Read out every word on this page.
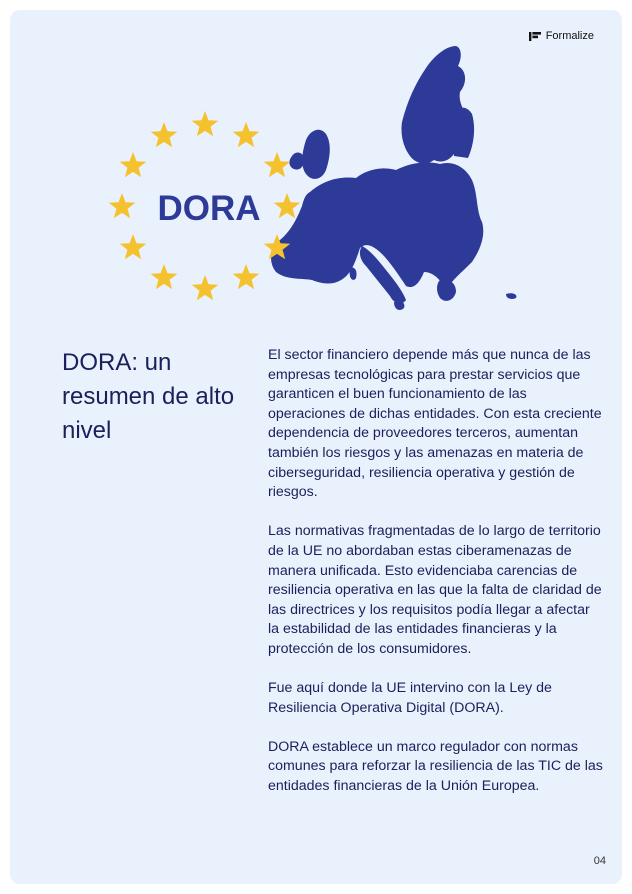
Formalize
DORA
DORA: un resumen de alto nivel

El sector financiero depende más que nunca de las empresas tecnológicas para prestar servicios que garanticen el buen funcionamiento de las operaciones de dichas entidades. Con esta creciente dependencia de proveedores terceros, aumentan también los riesgos y las amenazas en materia de ciberseguridad, resiliencia operativa y gestión de riesgos.

Las normativas fragmentadas de lo largo de territorio de la UE no abordaban estas ciberamenazas de manera unificada. Esto evidenciaba carencias de resiliencia operativa en las que la falta de claridad de las directrices y los requisitos podía llegar a afectar la estabilidad de las entidades financieras y la protección de los consumidores.

Fue aquí donde la UE intervino con la Ley de Resiliencia Operativa Digital (DORA).

DORA establece un marco regulador con normas comunes para reforzar la resiliencia de las TIC de las entidades financieras de la Unión Europea.

04
